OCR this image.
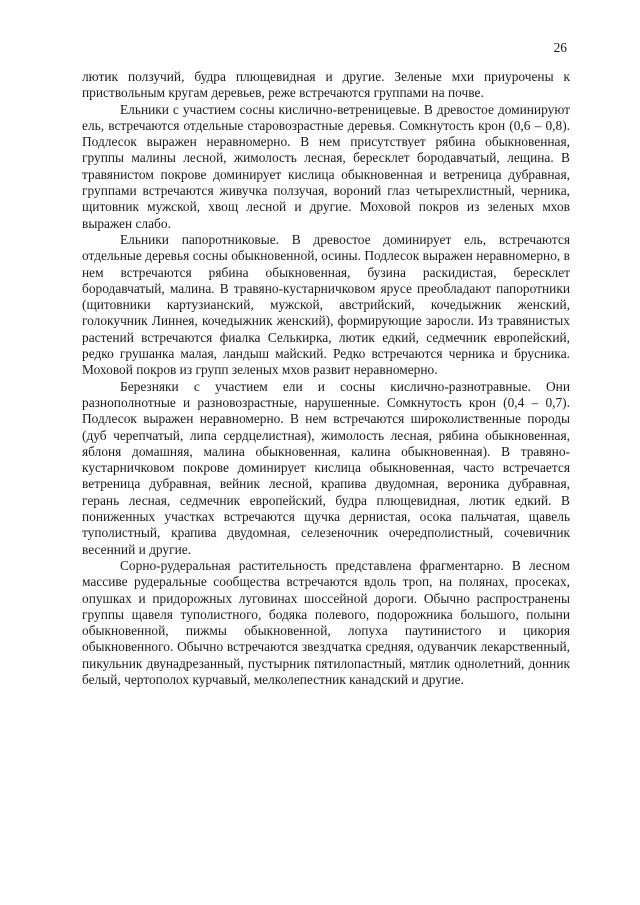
26

лютик ползучий, будра плющевидная и другие. Зеленые мхи приурочены к приствольным кругам деревьев, реже встречаются группами на почве.

Ельники с участием сосны кислично-ветреницевые. В древостое доминируют ель, встречаются отдельные старовозрастные деревья. Сомкнутость крон (0,6 – 0,8). Подлесок выражен неравномерно. В нем присутствует рябина обыкновенная, группы малины лесной, жимолость лесная, бересклет бородавчатый, лещина. В травянистом покрове доминирует кислица обыкновенная и ветреница дубравная, группами встречаются живучка ползучая, вороний глаз четырехлистный, черника, щитовник мужской, хвощ лесной и другие. Моховой покров из зеленых мхов выражен слабо.

Ельники папоротниковые. В древостое доминирует ель, встречаются отдельные деревья сосны обыкновенной, осины. Подлесок выражен неравномерно, в нем встречаются рябина обыкновенная, бузина раскидистая, бересклет бородавчатый, малина. В травяно-кустарничковом ярусе преобладают папоротники (щитовники картузианский, мужской, австрийский, кочедыжник женский, голокучник Линнея, кочедыжник женский), формирующие заросли. Из травянистых растений встречаются фиалка Селькирка, лютик едкий, седмечник европейский, редко грушанка малая, ландыш майский. Редко встречаются черника и брусника. Моховой покров из групп зеленых мхов развит неравномерно.

Березняки с участием ели и сосны кислично-разнотравные. Они разнополнотные и разновозрастные, нарушенные. Сомкнутость крон (0,4 – 0,7). Подлесок выражен неравномерно. В нем встречаются широколиственные породы (дуб черепчатый, липа сердцелистная), жимолость лесная, рябина обыкновенная, яблоня домашняя, малина обыкновенная, калина обыкновенная). В травяно-кустарничковом покрове доминирует кислица обыкновенная, часто встречается ветреница дубравная, вейник лесной, крапива двудомная, вероника дубравная, герань лесная, седмечник европейский, будра плющевидная, лютик едкий. В пониженных участках встречаются щучка дернистая, осока пальчатая, щавель туполистный, крапива двудомная, селезеночник очередполистный, сочевичник весенний и другие.

Сорно-рудеральная растительность представлена фрагментарно. В лесном массиве рудеральные сообщества встречаются вдоль троп, на полянах, просеках, опушках и придорожных луговинах шоссейной дороги. Обычно распространены группы щавеля туполистного, бодяка полевого, подорожника большого, полыни обыкновенной, пижмы обыкновенной, лопуха паутинистого и цикория обыкновенного. Обычно встречаются звездчатка средняя, одуванчик лекарственный, пикульник двунадрезанный, пустырник пятилопастный, мятлик однолетний, донник белый, чертополох курчавый, мелколепестник канадский и другие.
